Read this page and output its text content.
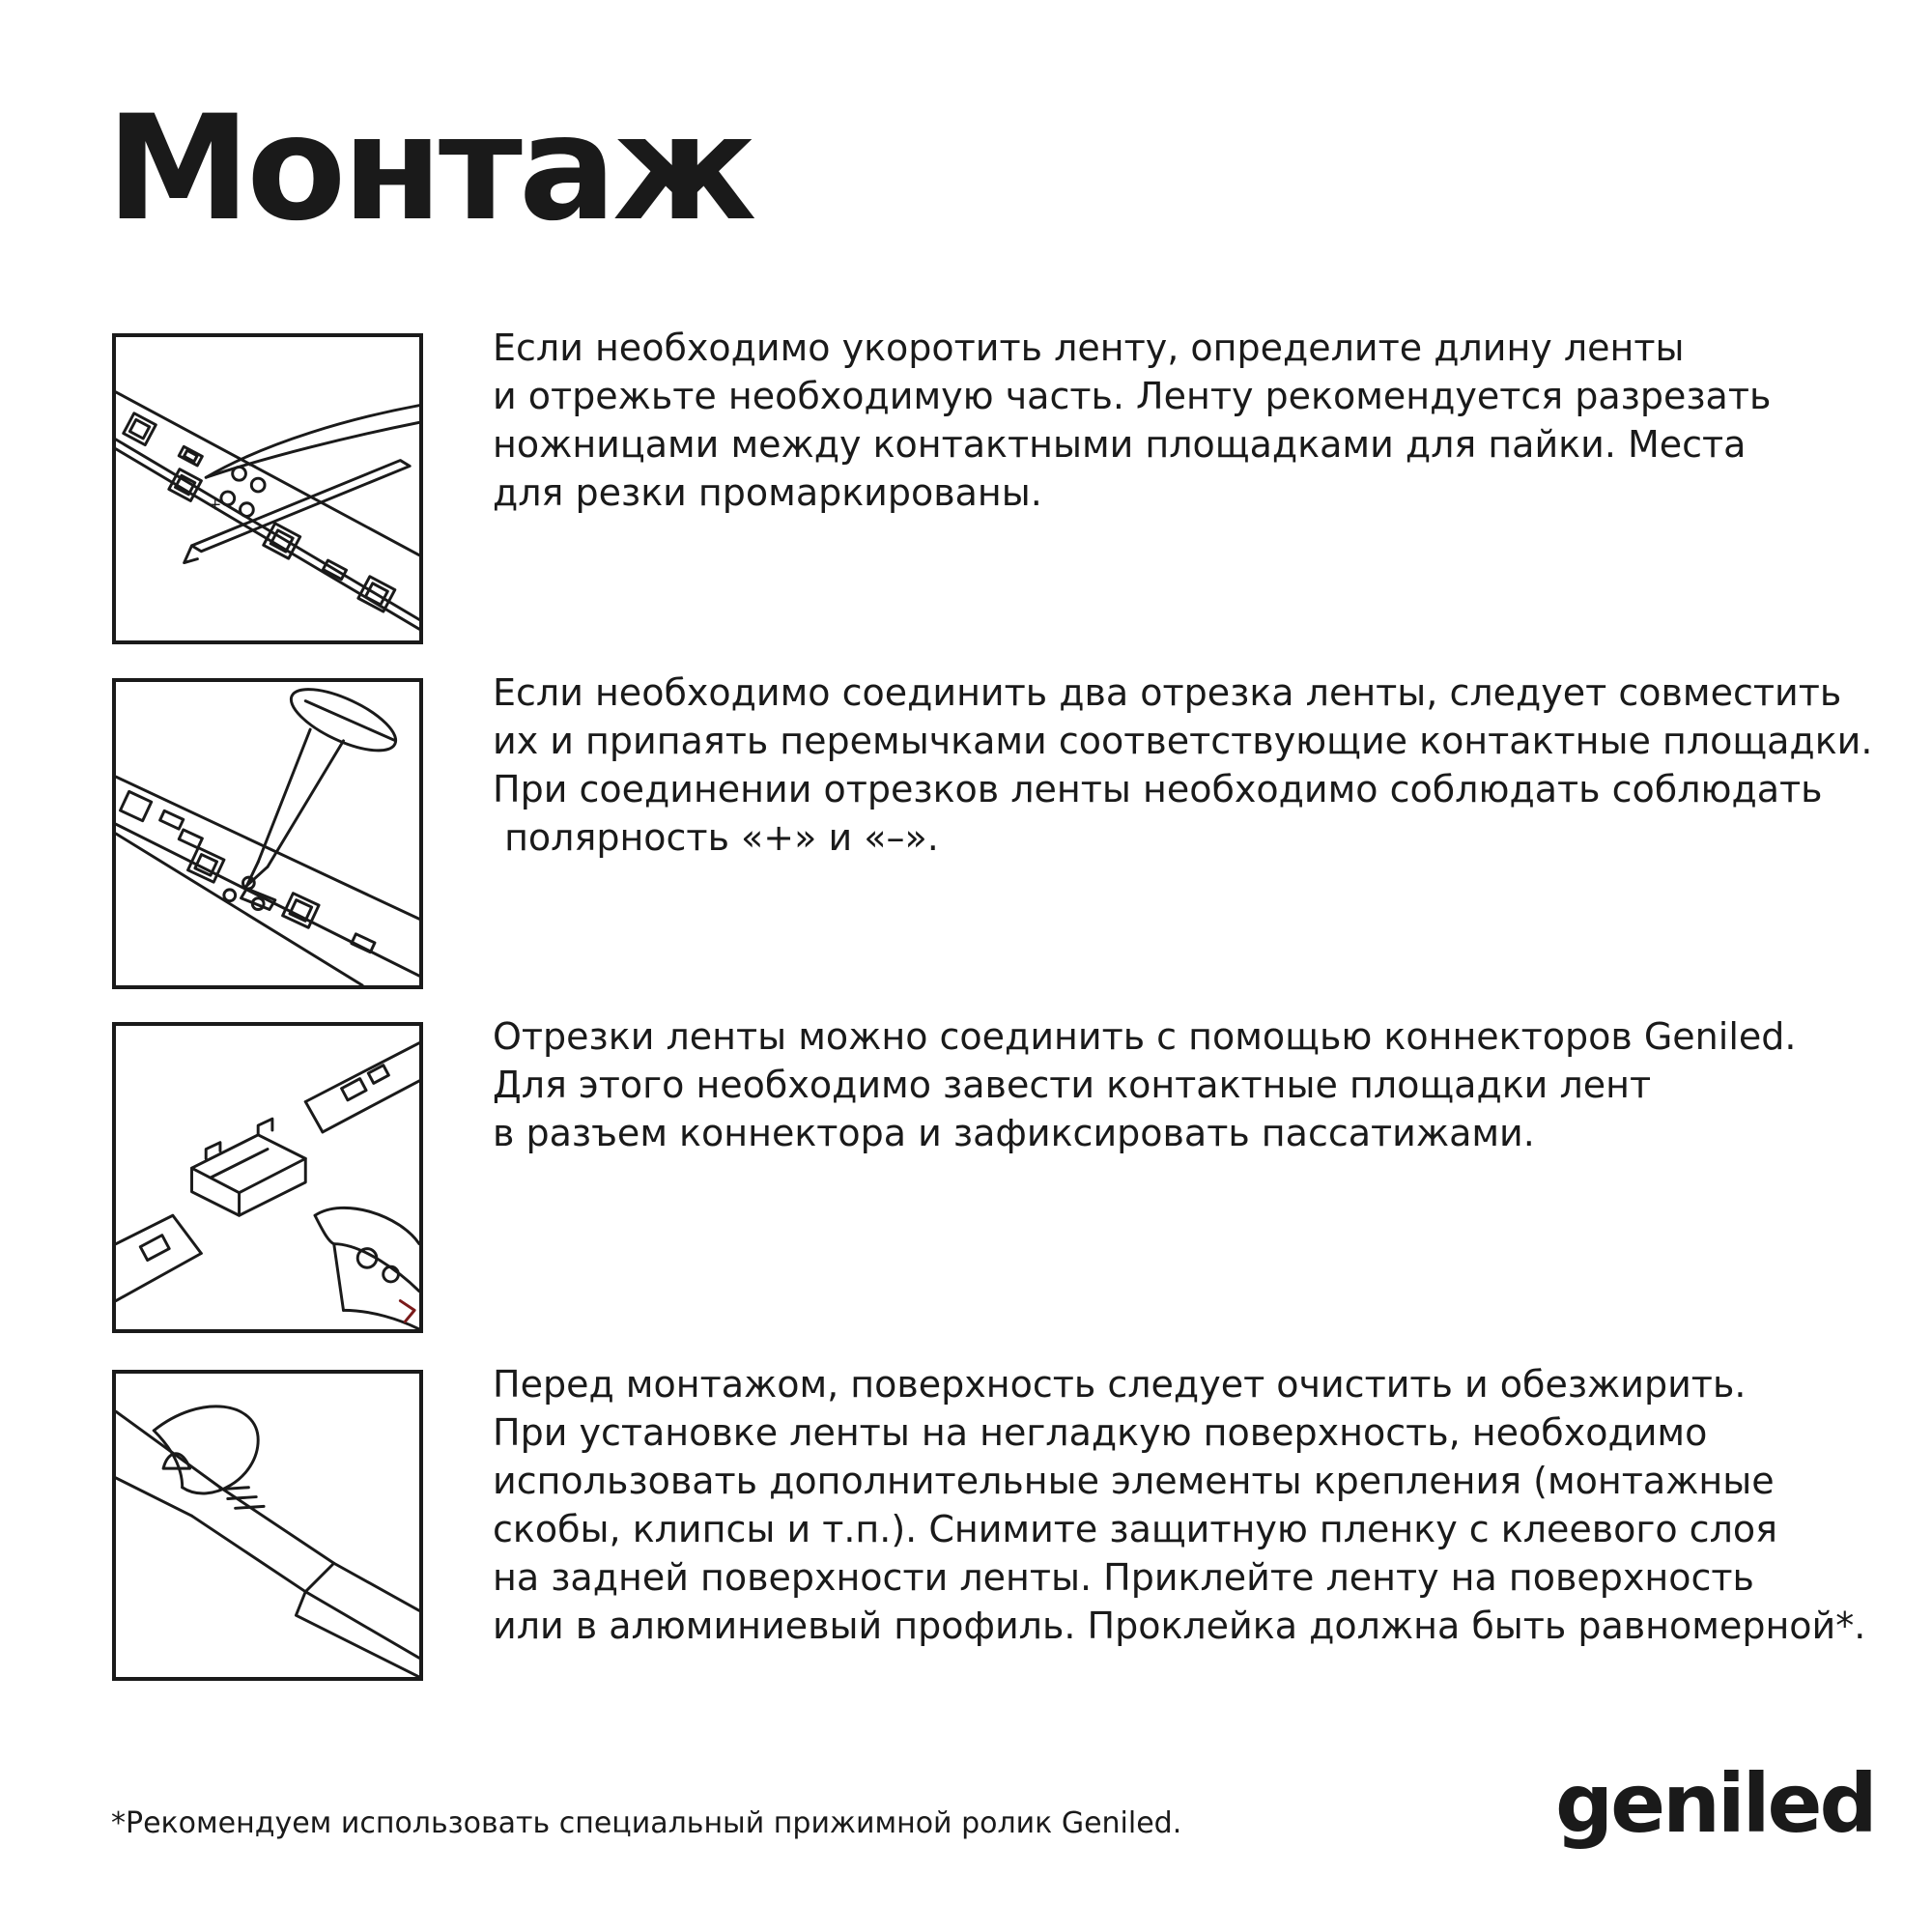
Монтаж
+
–
Если необходимо укоротить ленту, определите длину ленты
и отрежьте необходимую часть. Ленту рекомендуется разрезать
ножницами между контактными площадками для пайки. Места
для резки промаркированы.
Если необходимо соединить два отрезка ленты, следует совместить
их и припаять перемычками соответствующие контактные площадки.
При соединении отрезков ленты необходимо соблюдать соблюдать
полярность «+» и «–».
Отрезки ленты можно соединить с помощью коннекторов Geniled.
Для этого необходимо завести контактные площадки лент
в разъем коннектора и зафиксировать пассатижами.
Перед монтажом, поверхность следует очистить и обезжирить.
При установке ленты на негладкую поверхность, необходимо
использовать дополнительные элементы крепления (монтажные
скобы, клипсы и т.п.). Снимите защитную пленку с клеевого слоя
на задней поверхности ленты. Приклейте ленту на поверхность
или в алюминиевый профиль. Проклейка должна быть равномерной*.
*Рекомендуем использовать специальный прижимной ролик Geniled.	geniled
